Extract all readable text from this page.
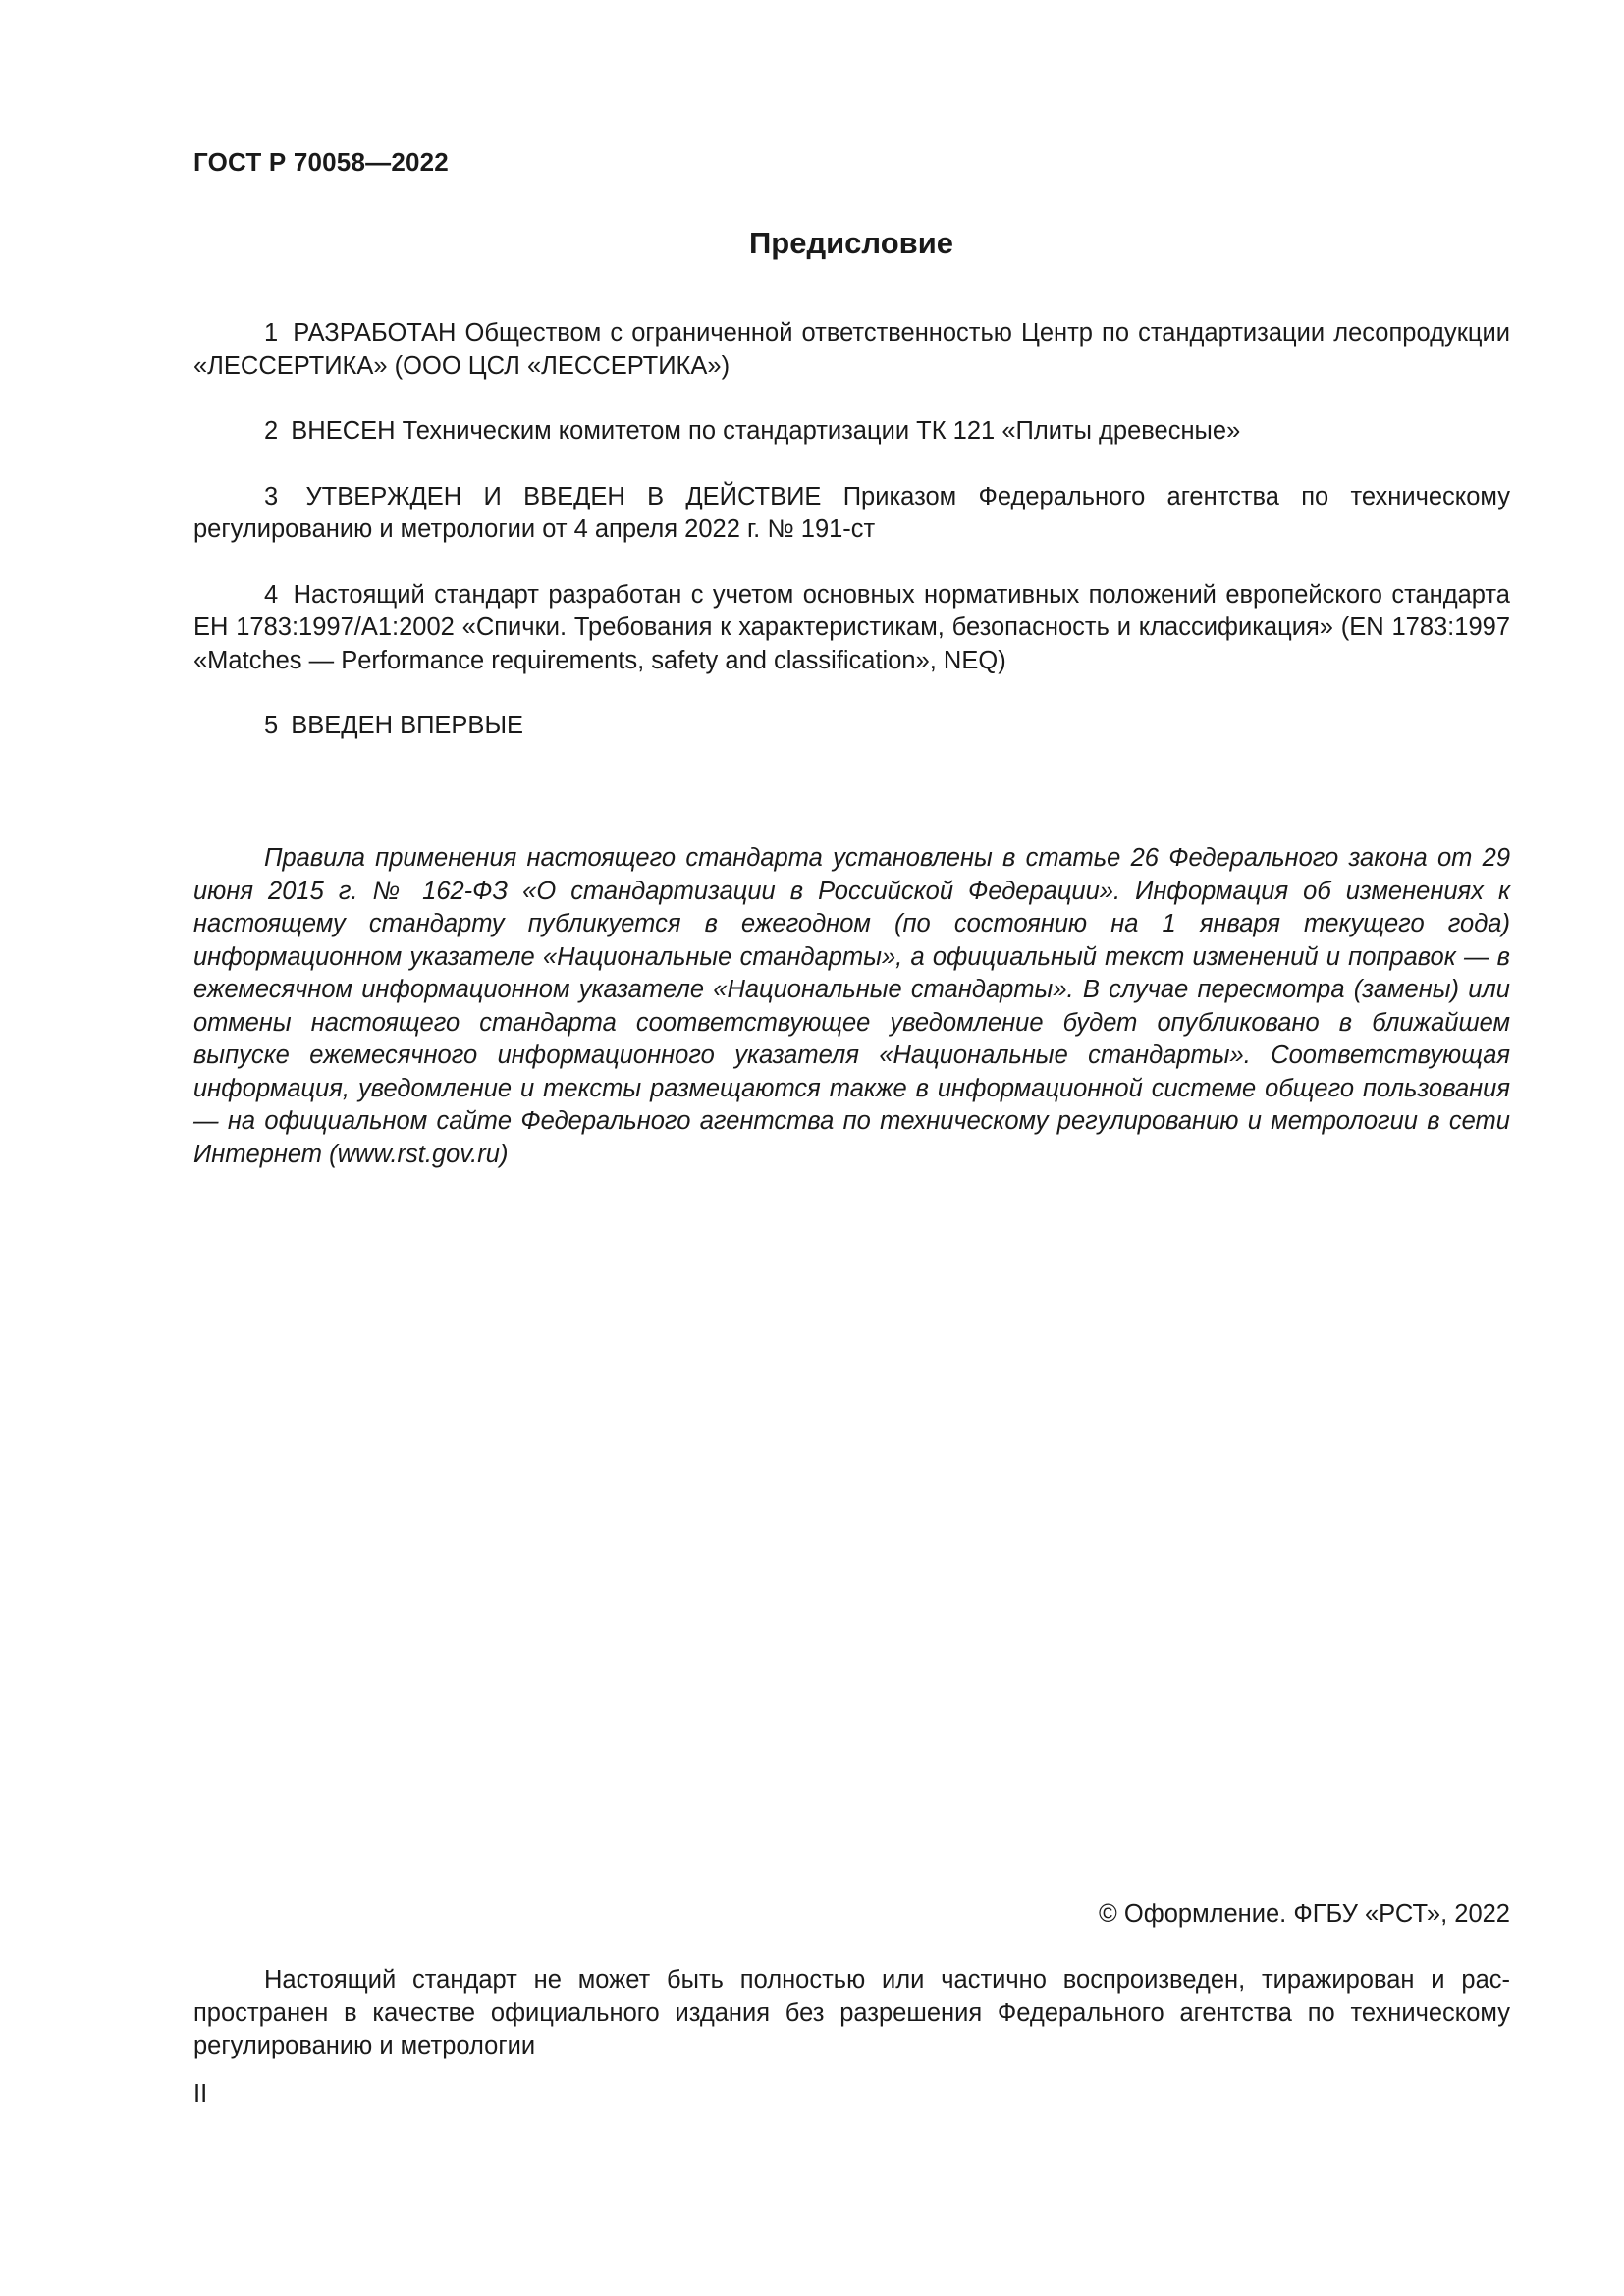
ГОСТ Р 70058—2022
Предисловие

1 РАЗРАБОТАН Обществом с ограниченной ответственностью Центр по стандартизации лесопродукции «ЛЕССЕРТИКА» (ООО ЦСЛ «ЛЕССЕРТИКА»)

2 ВНЕСЕН Техническим комитетом по стандартизации ТК 121 «Плиты древесные»

3 УТВЕРЖДЕН И ВВЕДЕН В ДЕЙСТВИЕ Приказом Федерального агентства по техническому регулированию и метрологии от 4 апреля 2022 г. № 191-ст

4 Настоящий стандарт разработан с учетом основных нормативных положений европейского стандарта ЕН 1783:1997/A1:2002 «Спички. Требования к характеристикам, безопасность и классификация» (EN 1783:1997 «Matches — Performance requirements, safety and classification», NEQ)

5 ВВЕДЕН ВПЕРВЫЕ

Правила применения настоящего стандарта установлены в статье 26 Федерального закона от 29 июня 2015 г. № 162-ФЗ «О стандартизации в Российской Федерации». Информация об изменениях к настоящему стандарту публикуется в ежегодном (по состоянию на 1 января текущего года) информационном указателе «Национальные стандарты», а официальный текст изменений и поправок — в ежемесячном информационном указателе «Национальные стандарты». В случае пересмотра (замены) или отмены настоящего стандарта соответствующее уведомление будет опубликовано в ближайшем выпуске ежемесячного информационного указателя «Национальные стандарты». Соответствующая информация, уведомление и тексты размещаются также в информационной системе общего пользования — на официальном сайте Федерального агентства по техническому регулированию и метрологии в сети Интернет (www.rst.gov.ru)

© Оформление. ФГБУ «РСТ», 2022

Настоящий стандарт не может быть полностью или частично воспроизведен, тиражирован и распространен в качестве официального издания без разрешения Федерального агентства по техническому регулированию и метрологии

II
